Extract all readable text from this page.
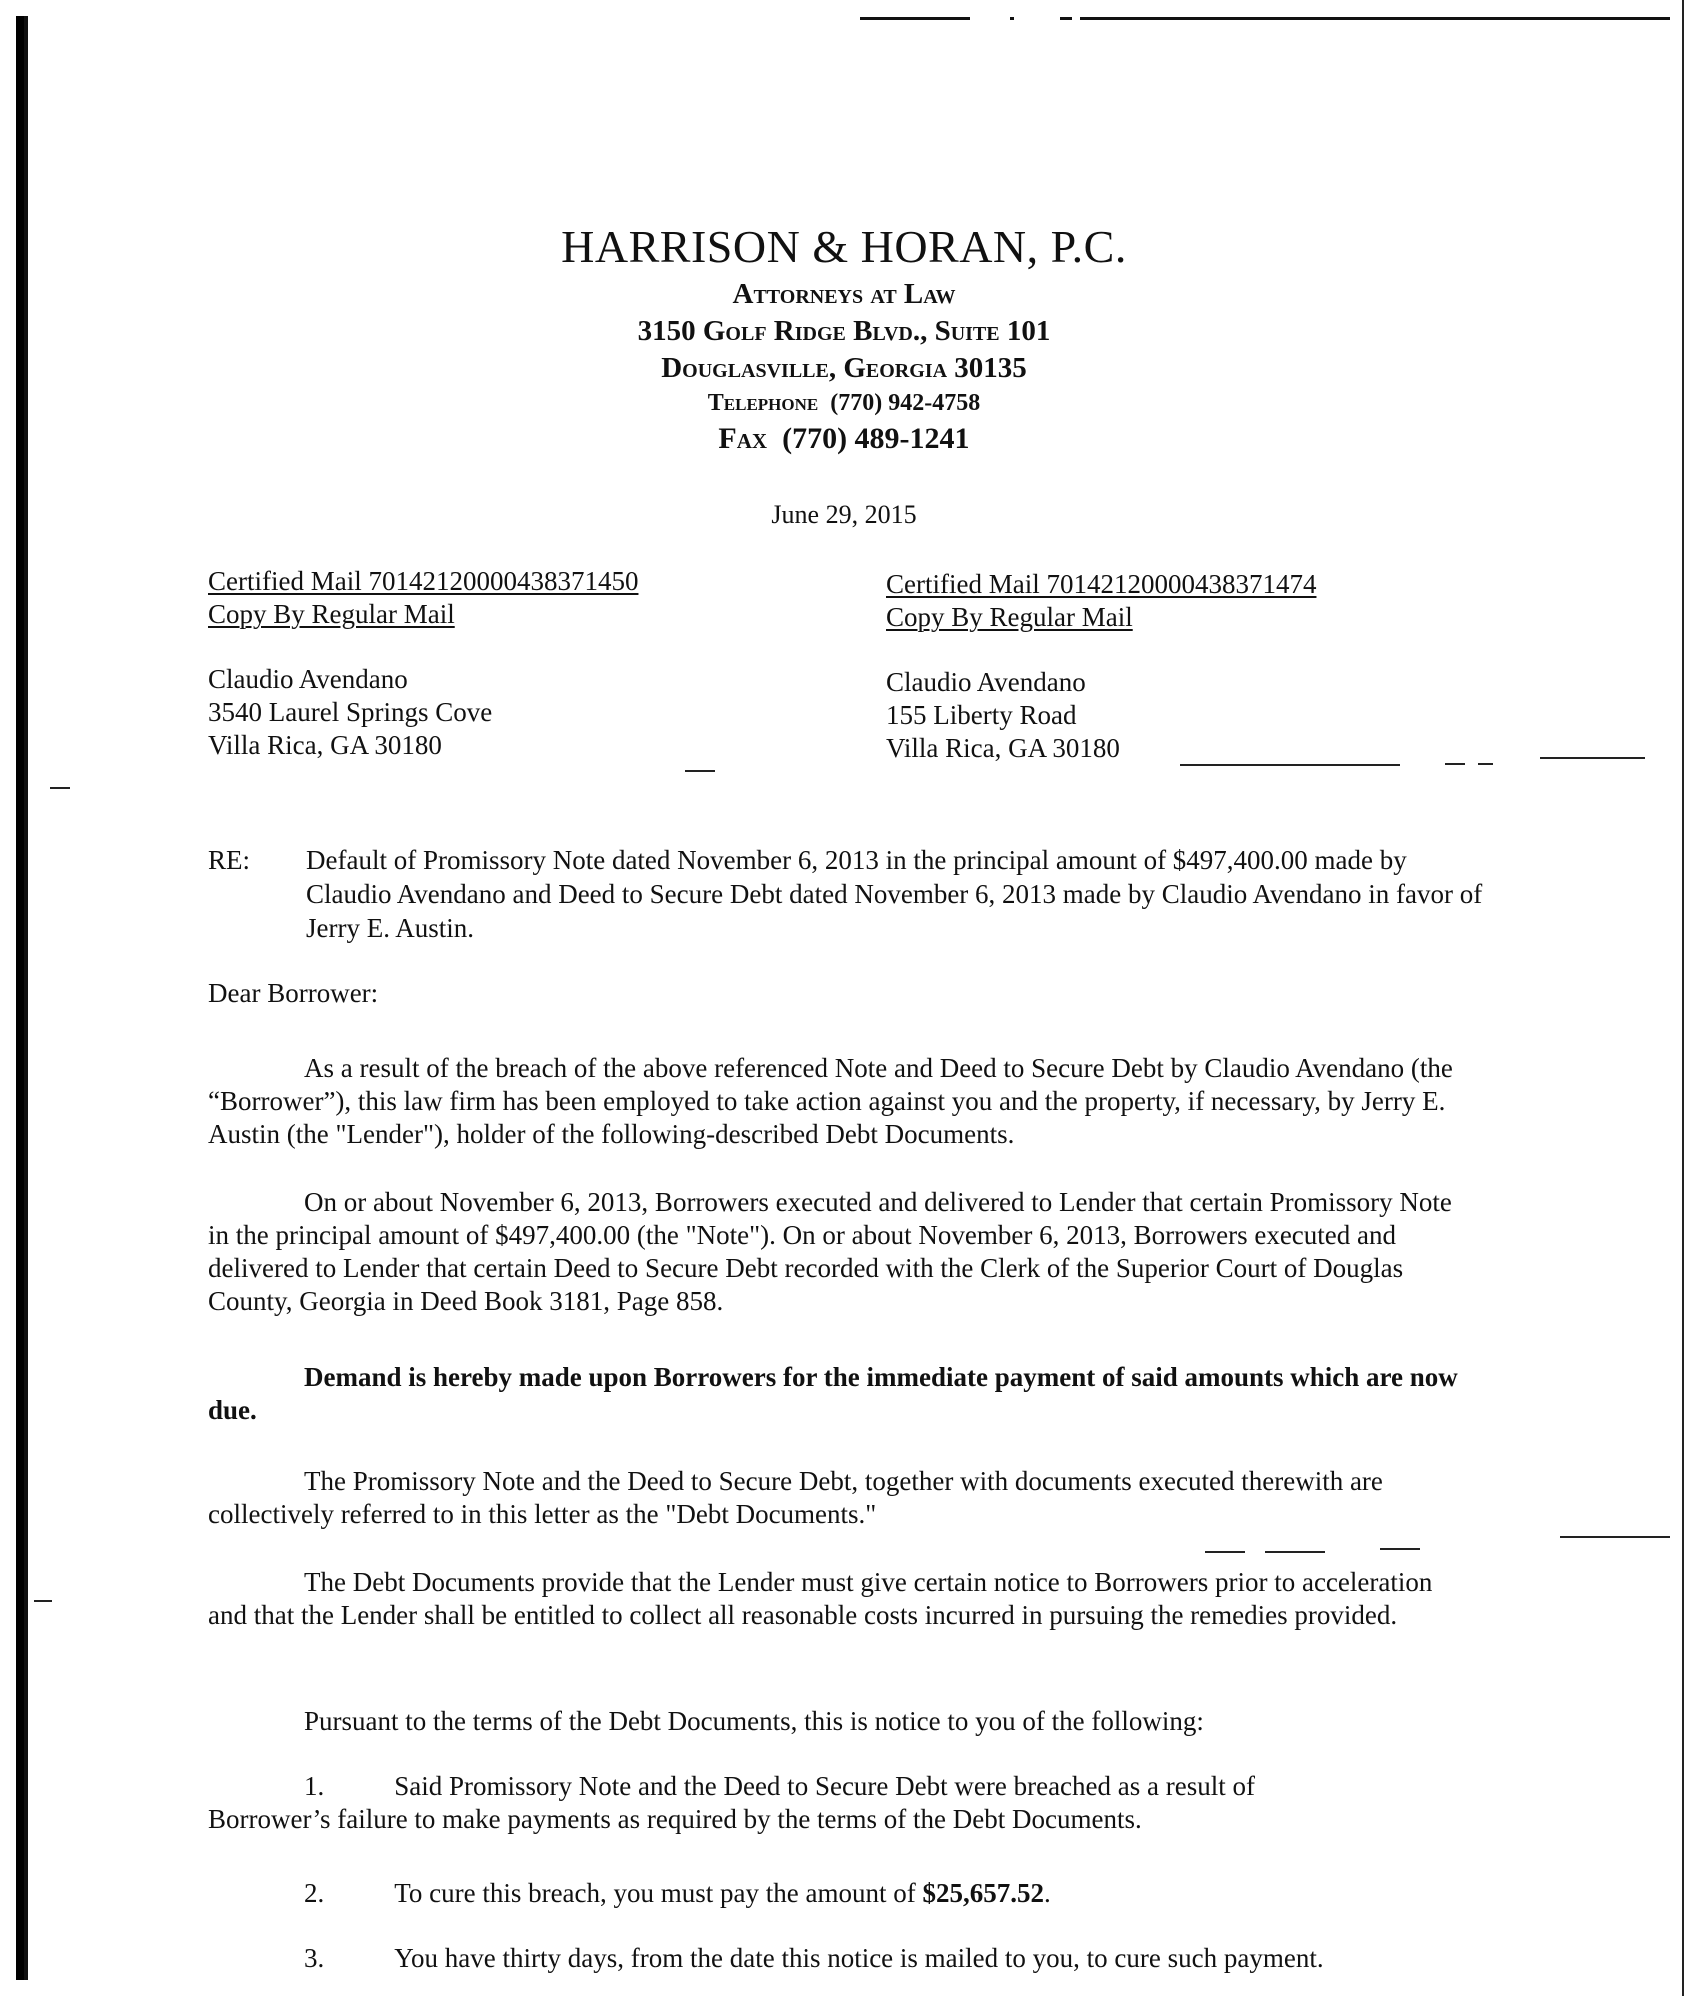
HARRISON & HORAN, P.C.
Attorneys at Law
3150 Golf Ridge Blvd., Suite 101
Douglasville, Georgia 30135
Telephone (770) 942-4758
Fax (770) 489-1241
June 29, 2015
Certified Mail 70142120000438371450
Copy By Regular Mail
Claudio Avendano
3540 Laurel Springs Cove
Villa Rica, GA 30180
Certified Mail 70142120000438371474
Copy By Regular Mail
Claudio Avendano
155 Liberty Road
Villa Rica, GA 30180
RE: Default of Promissory Note dated November 6, 2013 in the principal amount of $497,400.00 made by Claudio Avendano and Deed to Secure Debt dated November 6, 2013 made by Claudio Avendano in favor of Jerry E. Austin.
Dear Borrower:
As a result of the breach of the above referenced Note and Deed to Secure Debt by Claudio Avendano (the “Borrower”), this law firm has been employed to take action against you and the property, if necessary, by Jerry E. Austin (the "Lender"), holder of the following-described Debt Documents.
On or about November 6, 2013, Borrowers executed and delivered to Lender that certain Promissory Note in the principal amount of $497,400.00 (the "Note"). On or about November 6, 2013, Borrowers executed and delivered to Lender that certain Deed to Secure Debt recorded with the Clerk of the Superior Court of Douglas County, Georgia in Deed Book 3181, Page 858.
Demand is hereby made upon Borrowers for the immediate payment of said amounts which are now due.
The Promissory Note and the Deed to Secure Debt, together with documents executed therewith are collectively referred to in this letter as the "Debt Documents."
The Debt Documents provide that the Lender must give certain notice to Borrowers prior to acceleration and that the Lender shall be entitled to collect all reasonable costs incurred in pursuing the remedies provided.
Pursuant to the terms of the Debt Documents, this is notice to you of the following:
1.	Said Promissory Note and the Deed to Secure Debt were breached as a result of
Borrower’s failure to make payments as required by the terms of the Debt Documents.
2.	To cure this breach, you must pay the amount of $25,657.52.
3.	You have thirty days, from the date this notice is mailed to you, to cure such payment.
